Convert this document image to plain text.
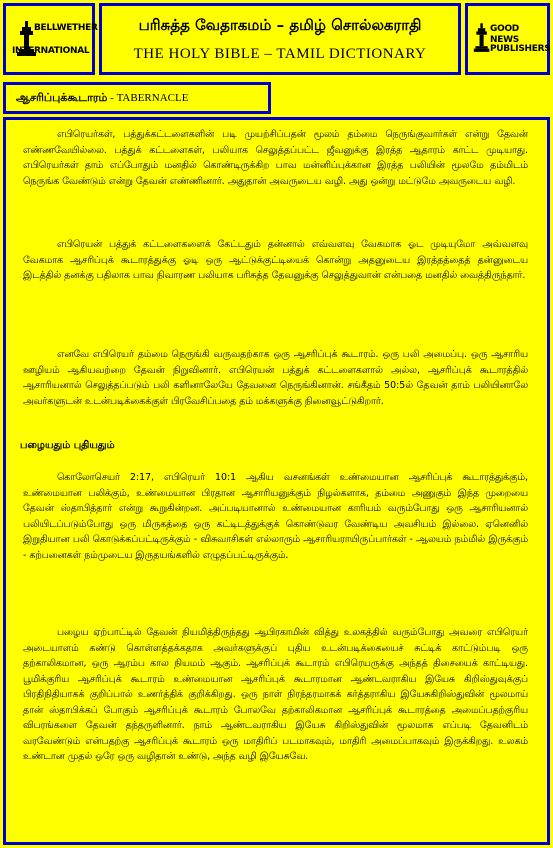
BELLWETHER
INTERNATIONAL
பரிசுத்த வேதாகமம் – தமிழ் சொல்லகராதி
THE HOLY BIBLE – TAMIL DICTIONARY
GOOD NEWS
PUBLISHERS
ஆசரிப்புக்கூடாரம் - TABERNACLE
எபிரெயர்கள், பத்துக்கட்டளைகளின் படி முயற்சிப்பதன் மூலம் தம்மை நெருங்குவார்கள் என்று தேவன் எண்ணவேயில்லை. பத்துக் கட்டளைகள், பலியாக செலுத்தப்பட்ட ஜீவனுக்கு இரத்த ஆதாரம் காட்ட முடியாது. எபிரெயர்கள் தாம் எப்போதும் மனதில் கொண்டிருக்கிற பாவ மன்னிப்புக்கான இரத்த பலியின் மூலமே தம்மிடம் நெருங்க வேண்டும் என்று தேவன் எண்ணினார். அதுதான் அவருடைய வழி. அது ஒன்று மட்டுமே அவருடைய வழி.
எபிரெயன் பத்துக் கட்டளைகளைக் கேட்டதும் தன்னால் எவ்வளவு வேகமாக ஓட முடியுமோ அவ்வளவு வேகமாக ஆசரிப்புக் கூடாரத்துக்கு ஓடி ஒரு ஆட்டுக்குட்டியைக் கொன்று அதனுடைய இரத்தத்தைத் தன்னுடைய இடத்தில் தனக்கு பதிலாக பாவ நிவாரண பலியாக பரிசுத்த தேவனுக்கு செலுத்துவான் என்பதை மனதில் வைத்திருந்தார்.
எனவே எபிரெயர் தம்மை நெருங்கி வருவதற்காக ஒரு ஆசரிப்புக் கூடாரம். ஒரு பலி அமைப்பு. ஒரு ஆசாரிய ஊழியம் ஆகியவற்றை தேவன் நிறுவினார். எபிரெயன் பத்துக் கட்டளைகளால் அல்ல, ஆசரிப்புக் கூடாரத்தில் ஆசாரியனால் செலுத்தப்படும் பலி களினாலேயே தேவனை நெருங்கினான். சங்கீதம் 50:5ல் தேவன் தாம் பலியினாலே அவர்களுடன் உடன்படிக்கைக்குள் பிரவேசிப்பதை தம் மக்களுக்கு நினைவூட்டுகிறார்.
பழையதும் புதியதும்
கொலோசெயர் 2:17, எபிரெயர் 10:1 ஆகிய வசனங்கள் உண்மையான ஆசரிப்புக் கூடாரத்துக்கும், உண்மையான பலிக்கும், உண்மையான பிரதான ஆசாரியனுக்கும் நிழல்களாக, தம்மை அணுகும் இந்த முறையை தேவன் ஸ்தாபித்தார் என்று கூறுகின்றன. அப்படியானால் உண்மையான காரியம் வரும்போது ஒரு ஆசாரியனால் பலியிடப்படும்போது ஒரு மிருகத்தை ஒரு கட்டிடத்துக்குக் கொண்டுவர வேண்டிய அவசியம் இல்லை. ஏனெனில் இறுதியான பலி கொடுக்கப்பட்டிருக்கும் - விசுவாசிகள் எல்லாரும் ஆசாரியராயிருப்பார்கள் - ஆலயம் நம்மில் இருக்கும் - கற்பனைகள் நம்முடைய இருதயங்களில் எழுதப்பட்டிருக்கும்.
பழைய ஏற்பாட்டில் தேவன் நியமித்திருந்தது ஆபிரகாமின் வித்து உலகத்தில் வரும்போது அவரை எபிரெயர் அடையாளம் கண்டு கொள்ளத்தக்கதாக அவர்களுக்குப் புதிய உடன்படிக்கையைச் சுட்டிக் காட்டும்படி ஒரு தற்காலிகமான, ஒரு ஆரம்ப கால நியமம் ஆகும். ஆசரிப்புக் கூடாரம் எபிரெயருக்கு அந்தத் திசையைக் காட்டியது. பூமிக்குரிய ஆசரிப்புக் கூடாரம் உண்மையான ஆசரிப்புக் கூடாரமான ஆண்டவராகிய இயேசு கிறிஸ்துவுக்குப் பிரதிநிதியாகக் குறிப்பால் உணர்த்திக் குறிக்கிறது. ஒரு நாள் நிரந்தரமாகக் கர்த்தராகிய இயேசுகிறிஸ்துவின் மூலமாய் தான் ஸ்தாபிக்கப் போகும் ஆசரிப்புக் கூடாரம் போலவே தற்காலிகமான ஆசரிப்புக் கூடாரத்தை அமைப்பதற்குரிய விபரங்களை தேவன் தந்தருளினார். நாம் ஆண்டவராகிய இயேசு கிறிஸ்துவின் மூலமாக எப்படி தேவனிடம் வரவேண்டும் என்பதற்கு ஆசரிப்புக் கூடாரம் ஒரு மாதிரிப் படமாகவும், மாதிரி அமைப்பாகவும் இருக்கிறது. உலகம் உண்டான முதல் ஒரே ஒரு வழிதான் உண்டு, அந்த வழி இயேசுவே.
